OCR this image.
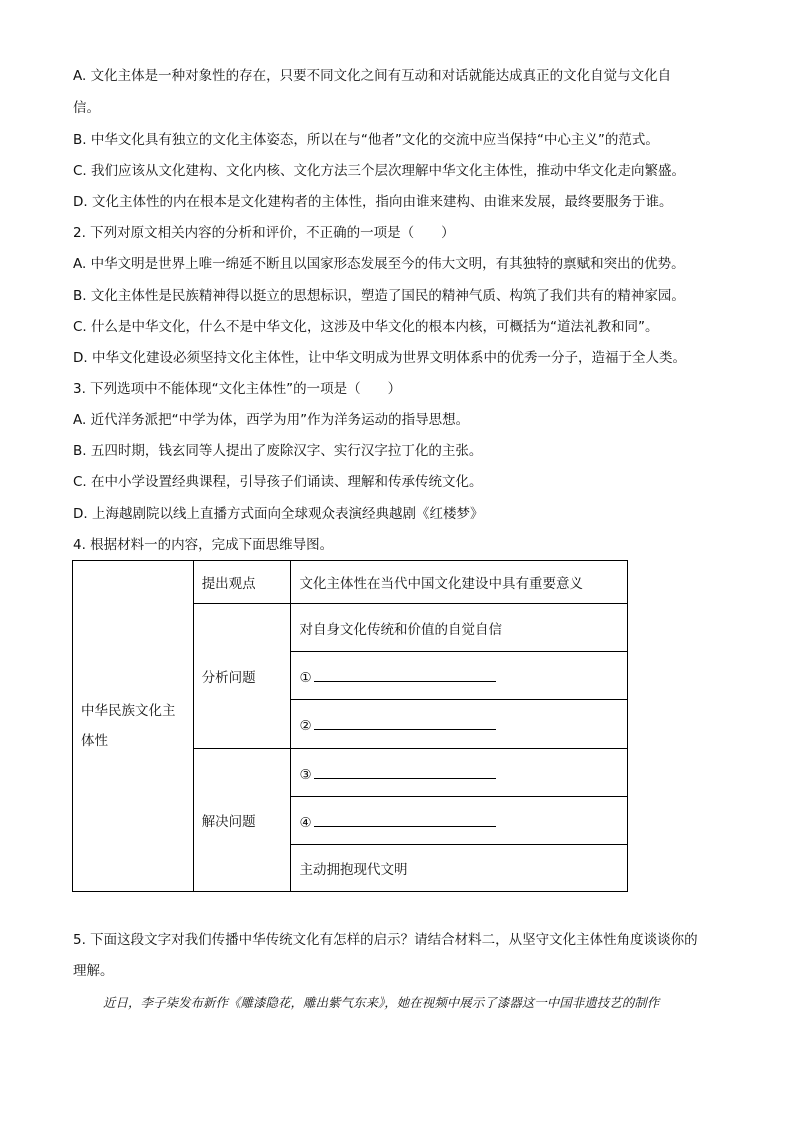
A. 文化主体是一种对象性的存在，只要不同文化之间有互动和对话就能达成真正的文化自觉与文化自
信。
B. 中华文化具有独立的文化主体姿态，所以在与“他者”文化的交流中应当保持“中心主义”的范式。
C. 我们应该从文化建构、文化内核、文化方法三个层次理解中华文化主体性，推动中华文化走向繁盛。
D. 文化主体性的内在根本是文化建构者的主体性，指向由谁来建构、由谁来发展，最终要服务于谁。
2. 下列对原文相关内容的分析和评价，不正确的一项是（　　）
A. 中华文明是世界上唯一绵延不断且以国家形态发展至今的伟大文明，有其独特的禀赋和突出的优势。
B. 文化主体性是民族精神得以挺立的思想标识，塑造了国民的精神气质、构筑了我们共有的精神家园。
C. 什么是中华文化，什么不是中华文化，这涉及中华文化的根本内核，可概括为“道法礼教和同”。
D. 中华文化建设必须坚持文化主体性，让中华文明成为世界文明体系中的优秀一分子，造福于全人类。
3. 下列选项中不能体现“文化主体性”的一项是（　　）
A. 近代洋务派把“中学为体，西学为用”作为洋务运动的指导思想。
B. 五四时期，钱玄同等人提出了废除汉字、实行汉字拉丁化的主张。
C. 在中小学设置经典课程，引导孩子们诵读、理解和传承传统文化。
D. 上海越剧院以线上直播方式面向全球观众表演经典越剧《红楼梦》
4. 根据材料一的内容，完成下面思维导图。
中华民族文化主体性	提出观点	文化主体性在当代中国文化建设中具有重要意义
	分析问题	对自身文化传统和价值的自觉自信
		①
		②
	解决问题	③
		④
		主动拥抱现代文明
5. 下面这段文字对我们传播中华传统文化有怎样的启示？请结合材料二，从坚守文化主体性角度谈谈你的
理解。
近日，李子柒发布新作《雕漆隐花，雕出紫气东来》，她在视频中展示了漆器这一中国非遗技艺的制作
